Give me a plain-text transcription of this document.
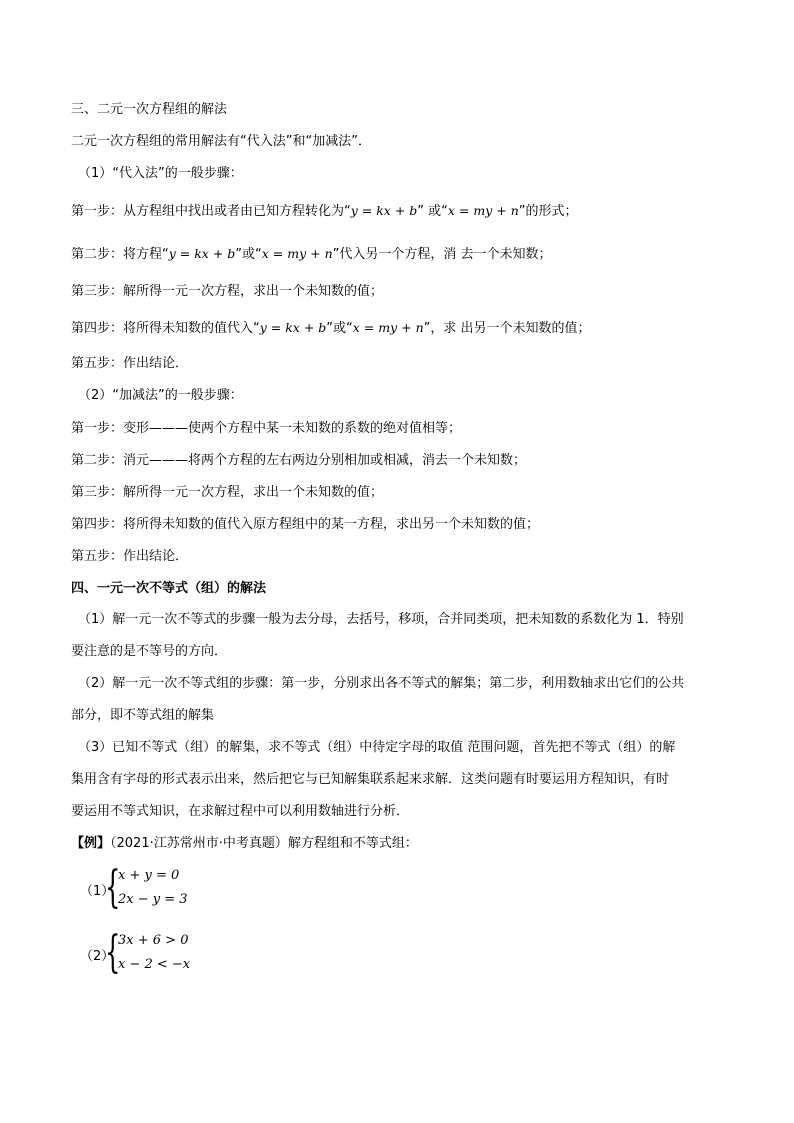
三、二元一次方程组的解法
二元一次方程组的常用解法有“代入法”和“加减法”．
（1）“代入法”的一般步骤：
第一步：从方程组中找出或者由已知方程转化为“y = kx + b” 或“x = my + n”的形式；
第二步：将方程“y = kx + b”或“x = my + n”代入另一个方程，消 去一个未知数；
第三步：解所得一元一次方程，求出一个未知数的值；
第四步：将所得未知数的值代入“y = kx + b”或“x = my + n”，求 出另一个未知数的值；
第五步：作出结论．
（2）“加减法”的一般步骤：
第一步：变形———使两个方程中某一未知数的系数的绝对值相等；
第二步：消元———将两个方程的左右两边分别相加或相减，消去一个未知数；
第三步：解所得一元一次方程，求出一个未知数的值；
第四步：将所得未知数的值代入原方程组中的某一方程，求出另一个未知数的值；
第五步：作出结论．
四、一元一次不等式（组）的解法
（1）解一元一次不等式的步骤一般为去分母，去括号，移项，合并同类项，把未知数的系数化为 1．特别
要注意的是不等号的方向．
（2）解一元一次不等式组的步骤：第一步，分别求出各不等式的解集；第二步，利用数轴求出它们的公共
部分，即不等式组的解集
（3）已知不等式（组）的解集，求不等式（组）中待定字母的取值 范围问题，首先把不等式（组）的解
集用含有字母的形式表示出来，然后把它与已知解集联系起来求解．这类问题有时要运用方程知识，有时
要运用不等式知识，在求解过程中可以利用数轴进行分析．
【例】（2021·江苏常州市·中考真题）解方程组和不等式组：
（1）
{
x + y = 0
2x − y = 3
（2）
{
3x + 6 > 0
x − 2 < −x
